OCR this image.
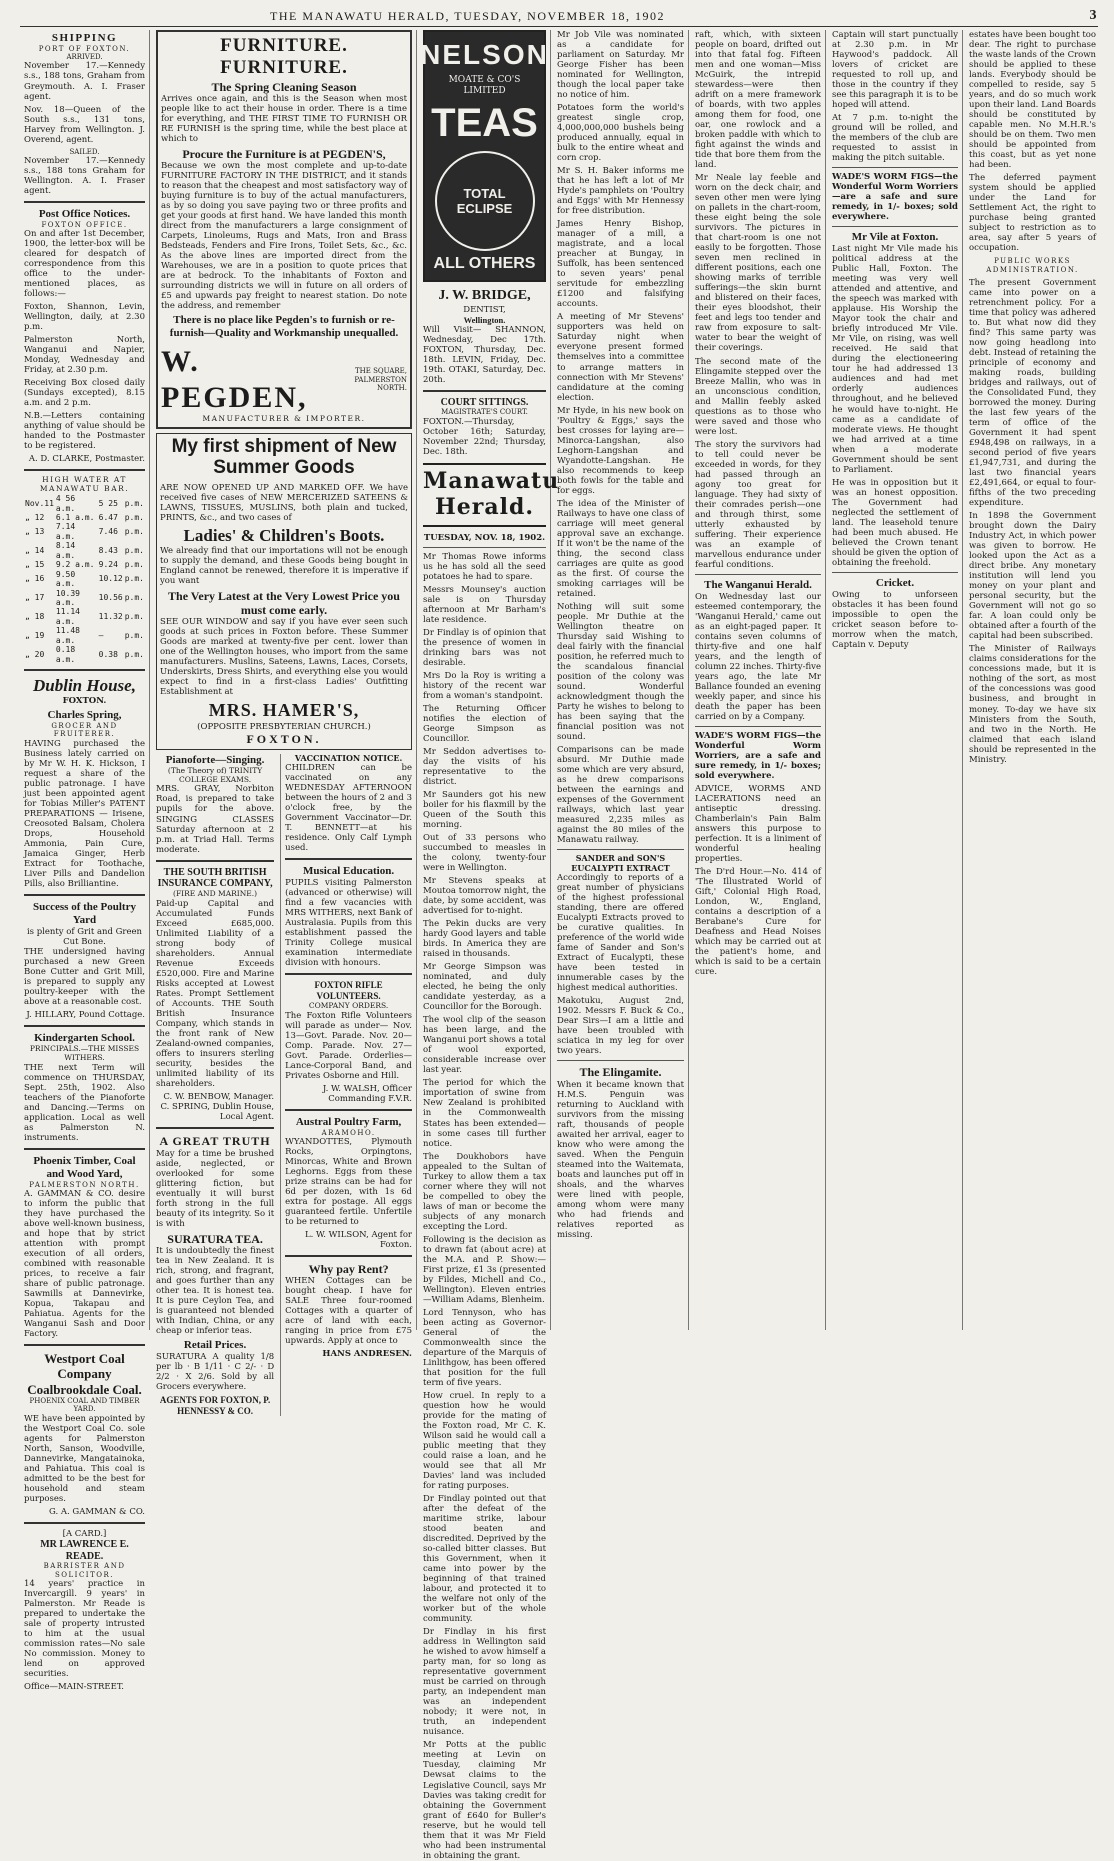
THE MANAWATU HERALD, TUESDAY, NOVEMBER 18, 1902	3
SHIPPING
PORT OF FOXTON.
ARRIVED.

November 17.—Kennedy s.s., 188 tons, Graham from Greymouth. A. I. Fraser agent.

Nov. 18—Queen of the South s.s., 131 tons, Harvey from Wellington. J. Overend, agent.

SAILED.

November 17.—Kennedy s.s., 188 tons Graham for Wellington. A. I. Fraser agent.

Post Office Notices.
FOXTON OFFICE.

On and after 1st December, 1900, the letter-box will be cleared for despatch of correspondence from this office to the under-mentioned places, as follows:—

Foxton, Shannon, Levin, Wellington, daily, at 2.30 p.m.

Palmerston North, Wanganui and Napier, Monday, Wednesday and Friday, at 2.30 p.m.

Receiving Box closed daily (Sundays excepted), 8.15 a.m. and 2 p.m.

N.B.—Letters containing anything of value should be handed to the Postmaster to be registered.

A. D. CLARKE, Postmaster.

HIGH WATER AT MANAWATU BAR.
Nov.11	4 56 a.m.	5 25	p.m.
„ 12	6.1 a.m.	6.47	p.m.
„ 13	7.14 a.m.	7.46	p.m.
„ 14	8.14 a.m.	8.43	p.m.
„ 15	9.2 a.m.	9.24	p.m.
„ 16	9.50 a.m.	10.12	p.m.
„ 17	10.39 a.m.	10.56	p.m.
„ 18	11.14 a.m.	11.32	p.m.
„ 19	11.48 a.m.	—	p.m.
„ 20	0.18 a.m.	0.38	p.m.
Dublin House,
FOXTON.
Charles Spring,
GROCER AND FRUITERER.

HAVING purchased the Business lately carried on by Mr W. H. K. Hickson, I request a share of the public patronage. I have just been appointed agent for Tobias Miller's PATENT PREPARATIONS — Irisene, Creosoted Balsam, Cholera Drops, Household Ammonia, Pain Cure, Jamaica Ginger, Herb Extract for Toothache, Liver Pills and Dandelion Pills, also Brilliantine.

Success of the Poultry Yard
is plenty of Grit and Green Cut Bone.

THE undersigned having purchased a new Green Bone Cutter and Grit Mill, is prepared to supply any poultry-keeper with the above at a reasonable cost.

J. HILLARY, Pound Cottage.

Kindergarten School.
PRINCIPALS.—THE MISSES WITHERS.

THE next Term will commence on THURSDAY, Sept. 25th, 1902. Also teachers of the Pianoforte and Dancing.—Terms on application. Local as well as Palmerston N. instruments.

Phoenix Timber, Coal and Wood Yard,
PALMERSTON NORTH.

A. GAMMAN & CO. desire to inform the public that they have purchased the above well-known business, and hope that by strict attention with prompt execution of all orders, combined with reasonable prices, to receive a fair share of public patronage. Sawmills at Dannevirke, Kopua, Takapau and Pahiatua. Agents for the Wanganui Sash and Door Factory.

Westport Coal Company
Coalbrookdale Coal.
PHOENIX COAL AND TIMBER YARD.

WE have been appointed by the Westport Coal Co. sole agents for Palmerston North, Sanson, Woodville, Dannevirke, Mangatainoka, and Pahiatua. This coal is admitted to be the best for household and steam purposes.

G. A. GAMMAN & CO.

[A CARD.]
MR LAWRENCE E. READE.
BARRISTER AND SOLICITOR.

14 years' practice in Invercargill. 9 years' in Palmerston. Mr Reade is prepared to undertake the sale of property intrusted to him at the usual commission rates—No sale No commission. Money to lend on approved securities.

Office—MAIN-STREET.

FURNITURE. FURNITURE.
The Spring Cleaning Season

Arrives once again, and this is the Season when most people like to act their house in order. There is a time for everything, and THE FIRST TIME TO FURNISH OR RE FURNISH is the spring time, while the best place at which to

Procure the Furniture is at PEGDEN'S,

Because we own the most complete and up-to-date FURNITURE FACTORY IN THE DISTRICT, and it stands to reason that the cheapest and most satisfactory way of buying furniture is to buy of the actual manufacturers, as by so doing you save paying two or three profits and get your goods at first hand. We have landed this month direct from the manufacturers a large consignment of Carpets, Linoleums, Rugs and Mats, Iron and Brass Bedsteads, Fenders and Fire Irons, Toilet Sets, &c., &c. As the above lines are imported direct from the Warehouses, we are in a position to quote prices that are at bedrock. To the inhabitants of Foxton and surrounding districts we will in future on all orders of £5 and upwards pay freight to nearest station. Do note the address, and remember

There is no place like Pegden's to furnish or re-furnish—Quality and Workmanship unequalled.
W. PEGDEN,
THE SQUARE, PALMERSTON NORTH.
MANUFACTURER & IMPORTER.
My first shipment of New Summer Goods

ARE NOW OPENED UP AND MARKED OFF. We have received five cases of NEW MERCERIZED SATEENS & LAWNS, TISSUES, MUSLINS, both plain and tucked, PRINTS, &c., and two cases of

Ladies' & Children's Boots.

We already find that our importations will not be enough to supply the demand, and these Goods being bought in England cannot be renewed, therefore it is imperative if you want

The Very Latest at the Very Lowest Price you must come early.

SEE OUR WINDOW and say if you have ever seen such goods at such prices in Foxton before. These Summer Goods are marked at twenty-five per cent. lower than one of the Wellington houses, who import from the same manufacturers. Muslins, Sateens, Lawns, Laces, Corsets, Underskirts, Dress Shirts, and everything else you would expect to find in a first-class Ladies' Outfitting Establishment at

MRS. HAMER'S,
(OPPOSITE PRESBYTERIAN CHURCH.)
FOXTON.
Pianoforte—Singing.
(The Theory of) TRINITY COLLEGE EXAMS.

MRS. GRAY, Norbiton Road, is prepared to take pupils for the above. SINGING CLASSES Saturday afternoon at 2 p.m. at Triad Hall. Terms moderate.

THE SOUTH BRITISH INSURANCE COMPANY,
(FIRE AND MARINE.)

Paid-up Capital and Accumulated Funds Exceed £685,000. Unlimited Liability of a strong body of shareholders. Annual Revenue Exceeds £520,000. Fire and Marine Risks accepted at Lowest Rates. Prompt Settlement of Accounts. THE South British Insurance Company, which stands in the front rank of New Zealand-owned companies, offers to insurers sterling security, besides the unlimited liability of its shareholders.

C. W. BENBOW, Manager. C. SPRING, Dublin House, Local Agent.

A GREAT TRUTH

May for a time be brushed aside, neglected, or overlooked for some glittering fiction, but eventually it will burst forth strong in the full beauty of its integrity. So it is with

SURATURA TEA.

It is undoubtedly the finest tea in New Zealand. It is rich, strong, and fragrant, and goes further than any other tea. It is honest tea. It is pure Ceylon Tea, and is guaranteed not blended with Indian, China, or any cheap or inferior teas.

Retail Prices.

SURATURA A quality 1/8 per lb · B 1/11 · C 2/- · D 2/2 · X 2/6. Sold by all Grocers everywhere.

AGENTS FOR FOXTON, P. HENNESSY & CO.
VACCINATION NOTICE.

CHILDREN can be vaccinated on any WEDNESDAY AFTERNOON between the hours of 2 and 3 o'clock free, by the Government Vaccinator—Dr. T. BENNETT—at his residence. Only Calf Lymph used.

Musical Education.

PUPILS visiting Palmerston (advanced or otherwise) will find a few vacancies with MRS WITHERS, next Bank of Australasia. Pupils from this establishment passed the Trinity College musical examination intermediate division with honours.

FOXTON RIFLE VOLUNTEERS.
COMPANY ORDERS.

The Foxton Rifle Volunteers will parade as under— Nov. 13—Govt. Parade. Nov. 20—Comp. Parade. Nov. 27—Govt. Parade. Orderlies—Lance-Corporal Band, and Privates Osborne and Hill.

J. W. WALSH, Officer Commanding F.V.R.

Austral Poultry Farm,
ARAMOHO.

WYANDOTTES, Plymouth Rocks, Orpingtons, Minorcas, White and Brown Leghorns. Eggs from these prize strains can be had for 6d per dozen, with 1s 6d extra for postage. All eggs guaranteed fertile. Unfertile to be returned to

L. W. WILSON, Agent for Foxton.

Why pay Rent?

WHEN Cottages can be bought cheap. I have for SALE Three four-roomed Cottages with a quarter of acre of land with each, ranging in price from £75 upwards. Apply at once to

HANS ANDRESEN.

NELSON
MOATE & CO'S LIMITED
TEAS
TOTAL ECLIPSE
ALL OTHERS
J. W. BRIDGE,
DENTIST,
Wellington.

Will Visit— SHANNON, Wednesday, Dec 17th. FOXTON, Thursday, Dec. 18th. LEVIN, Friday, Dec. 19th. OTAKI, Saturday, Dec. 20th.

COURT SITTINGS.
MAGISTRATE'S COURT.

FOXTON.—Thursday, October 16th; Saturday, November 22nd; Thursday, Dec. 18th.

Manawatu Herald.
TUESDAY, NOV. 18, 1902.

Mr Thomas Rowe informs us he has sold all the seed potatoes he had to spare.

Messrs Mounsey's auction sale is on Thursday afternoon at Mr Barham's late residence.

Dr Findlay is of opinion that the presence of women in drinking bars was not desirable.

Mrs Do la Roy is writing a history of the recent war from a woman's standpoint.

The Returning Officer notifies the election of George Simpson as Councillor.

Mr Seddon advertises to-day the visits of his representative to the district.

Mr Saunders got his new boiler for his flaxmill by the Queen of the South this morning.

Out of 33 persons who succumbed to measles in the colony, twenty-four were in Wellington.

Mr Stevens speaks at Moutoa tomorrow night, the date, by some accident, was advertised for to-night.

The Pekin ducks are very hardy Good layers and table birds. In America they are raised in thousands.

Mr George Simpson was nominated, and duly elected, he being the only candidate yesterday, as a Councillor for the Borough.

The wool clip of the season has been large, and the Wanganui port shows a total of wool exported, considerable increase over last year.

The period for which the importation of swine from New Zealand is prohibited in the Commonwealth States has been extended—in some cases till further notice.

The Doukhobors have appealed to the Sultan of Turkey to allow them a tax corner where they will not be compelled to obey the laws of man or become the subjects of any monarch excepting the Lord.

Following is the decision as to drawn fat (about acre) at the M.A. and P. Show:—First prize, £1 3s (presented by Fildes, Michell and Co., Wellington). Eleven entries—William Adams, Blenheim.

Lord Tennyson, who has been acting as Governor-General of the Commonwealth since the departure of the Marquis of Linlithgow, has been offered that position for the full term of five years.

How cruel. In reply to a question how he would provide for the mating of the Foxton road, Mr C. K. Wilson said he would call a public meeting that they could raise a loan, and he would see that all Mr Davies' land was included for rating purposes.

Dr Findlay pointed out that after the defeat of the maritime strike, labour stood beaten and discredited. Deprived by the so-called bitter classes. But this Government, when it came into power by the beginning of that trained labour, and protected it to the welfare not only of the worker but of the whole community.

Dr Findlay in his first address in Wellington said he wished to avow himself a party man, for so long as representative government must be carried on through party, an independent man was an independent nobody; it were not, in truth, an independent nuisance.

Mr Potts at the public meeting at Levin on Tuesday, claiming Mr Dewsat claims to the Legislative Council, says Mr Davies was taking credit for obtaining the Government grant of £640 for Buller's reserve, but he would tell them that it was Mr Field who had been instrumental in obtaining the grant.

Mr Job Vile was nominated as a candidate for parliament on Saturday. Mr George Fisher has been nominated for Wellington, though the local paper take no notice of him.

Potatoes form the world's greatest single crop, 4,000,000,000 bushels being produced annually, equal in bulk to the entire wheat and corn crop.

Mr S. H. Baker informs me that he has left a lot of Mr Hyde's pamphlets on 'Poultry and Eggs' with Mr Hennessy for free distribution.

James Henry Bishop, manager of a mill, a magistrate, and a local preacher at Bungay, in Suffolk, has been sentenced to seven years' penal servitude for embezzling £1200 and falsifying accounts.

A meeting of Mr Stevens' supporters was held on Saturday night when everyone present formed themselves into a committee to arrange matters in connection with Mr Stevens' candidature at the coming election.

Mr Hyde, in his new book on 'Poultry & Eggs,' says the best crosses for laying are—Minorca-Langshan, also Leghorn-Langshan and Wyandotte-Langshan. He also recommends to keep both fowls for the table and for eggs.

The idea of the Minister of Railways to have one class of carriage will meet general approval save an exchange. If it won't be the name of the thing, the second class carriages are quite as good as the first. Of course the smoking carriages will be retained.

Nothing will suit some people. Mr Duthie at the Wellington theatre on Thursday said Wishing to deal fairly with the financial position, he referred much to the scandalous financial position of the colony was sound. Wonderful acknowledgment though the Party he wishes to belong to has been saying that the financial position was not sound.

Comparisons can be made absurd. Mr Duthie made some which are very absurd, as he drew comparisons between the earnings and expenses of the Government railways, which last year measured 2,235 miles as against the 80 miles of the Manawatu railway.

SANDER and SON'S EUCALYPTI EXTRACT

Accordingly to reports of a great number of physicians of the highest professional standing, there are offered Eucalypti Extracts proved to be curative qualities. In preference of the world wide fame of Sander and Son's Extract of Eucalypti, these have been tested in innumerable cases by the highest medical authorities.

Makotuku, August 2nd, 1902. Messrs F. Buck & Co., Dear Sirs—I am a little and have been troubled with sciatica in my leg for over two years.

The Elingamite.

When it became known that H.M.S. Penguin was returning to Auckland with survivors from the missing raft, thousands of people awaited her arrival, eager to know who were among the saved. When the Penguin steamed into the Waitemata, boats and launches put off in shoals, and the wharves were lined with people, among whom were many who had friends and relatives reported as missing.

raft, which, with sixteen people on board, drifted out into that fatal fog. Fifteen men and one woman—Miss McGuirk, the intrepid stewardess—were then adrift on a mere framework of boards, with two apples among them for food, one oar, one rowlock and a broken paddle with which to fight against the winds and tide that bore them from the land.

Mr Neale lay feeble and worn on the deck chair, and seven other men were lying on pallets in the chart-room, these eight being the sole survivors. The pictures in that chart-room is one not easily to be forgotten. Those seven men reclined in different positions, each one showing marks of terrible sufferings—the skin burnt and blistered on their faces, their eyes bloodshot, their feet and legs too tender and raw from exposure to salt-water to bear the weight of their coverings.

The second mate of the Elingamite stepped over the Breeze Mallin, who was in an unconscious condition, and Mallin feebly asked questions as to those who were saved and those who were lost.

The story the survivors had to tell could never be exceeded in words, for they had passed through an agony too great for language. They had sixty of their comrades perish—one and through thirst, some utterly exhausted by suffering. Their experience was an example of marvellous endurance under fearful conditions.

The Wanganui Herald.

On Wednesday last our esteemed contemporary, the 'Wanganui Herald,' came out as an eight-paged paper. It contains seven columns of thirty-five and one half years, and the length of column 22 inches. Thirty-five years ago, the late Mr Ballance founded an evening weekly paper, and since his death the paper has been carried on by a Company.

WADE'S WORM FIGS—the Wonderful Worm Worriers, are a safe and sure remedy, in 1/- boxes; sold everywhere.

ADVICE, WORMS AND LACERATIONS need an antiseptic dressing. Chamberlain's Pain Balm answers this purpose to perfection. It is a liniment of wonderful healing properties.

The D'rd Hour.—No. 414 of 'The Illustrated World of Gift,' Colonial High Road, London, W., England, contains a description of a Berabane's Cure for Deafness and Head Noises which may be carried out at the patient's home, and which is said to be a certain cure.

Captain will start punctually at 2.30 p.m. in Mr Haywood's paddock. All lovers of cricket are requested to roll up, and those in the country if they see this paragraph it is to be hoped will attend.

At 7 p.m. to-night the ground will be rolled, and the members of the club are requested to assist in making the pitch suitable.

WADE'S WORM FIGS—the Wonderful Worm Worriers—are a safe and sure remedy, in 1/- boxes; sold everywhere.

Mr Vile at Foxton.

Last night Mr Vile made his political address at the Public Hall, Foxton. The meeting was very well attended and attentive, and the speech was marked with applause. His Worship the Mayor took the chair and briefly introduced Mr Vile. Mr Vile, on rising, was well received. He said that during the electioneering tour he had addressed 13 audiences and had met orderly audiences throughout, and he believed he would have to-night. He came as a candidate of moderate views. He thought we had arrived at a time when a moderate Government should be sent to Parliament.

He was in opposition but it was an honest opposition. The Government had neglected the settlement of land. The leasehold tenure had been much abused. He believed the Crown tenant should be given the option of obtaining the freehold.

Cricket.

Owing to unforseen obstacles it has been found impossible to open the cricket season before to-morrow when the match, Captain v. Deputy

estates have been bought too dear. The right to purchase the waste lands of the Crown should be applied to these lands. Everybody should be compelled to reside, say 5 years, and do so much work upon their land. Land Boards should be constituted by capable men. No M.H.R.'s should be on them. Two men should be appointed from this coast, but as yet none had been.

The deferred payment system should be applied under the Land for Settlement Act, the right to purchase being granted subject to restriction as to area, say after 5 years of occupation.

PUBLIC WORKS ADMINISTRATION.

The present Government came into power on a retrenchment policy. For a time that policy was adhered to. But what now did they find? This same party was now going headlong into debt. Instead of retaining the principle of economy and making roads, building bridges and railways, out of the Consolidated Fund, they borrowed the money. During the last few years of the term of office of the Government it had spent £948,498 on railways, in a second period of five years £1,947,731, and during the last two financial years £2,491,664, or equal to four-fifths of the two preceding expenditure.

In 1898 the Government brought down the Dairy Industry Act, in which power was given to borrow. He looked upon the Act as a direct bribe. Any monetary institution will lend you money on your plant and personal security, but the Government will not go so far. A loan could only be obtained after a fourth of the capital had been subscribed.

The Minister of Railways claims considerations for the concessions made, but it is nothing of the sort, as most of the concessions was good business, and brought in money. To-day we have six Ministers from the South, and two in the North. He claimed that each island should be represented in the Ministry.
